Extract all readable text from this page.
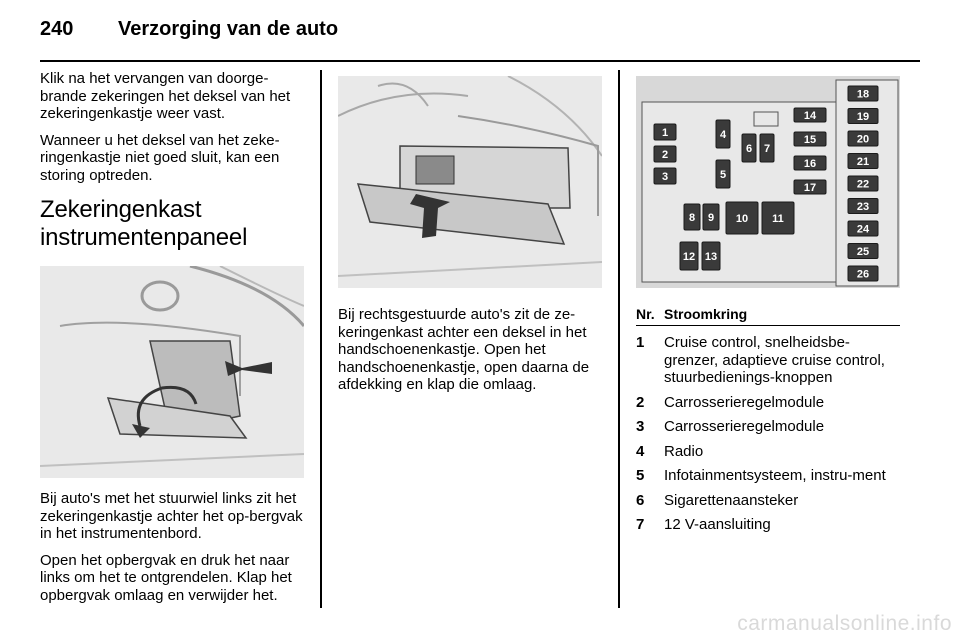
240	Verzorging van de auto

Klik na het vervangen van doorge-brande zekeringen het deksel van het zekeringenkastje weer vast.

Wanneer u het deksel van het zeke-ringenkastje niet goed sluit, kan een storing optreden.

Zekeringenkast
instrumentenpaneel

Bij auto's met het stuurwiel links zit het zekeringenkastje achter het op-bergvak in het instrumentenbord.

Open het opbergvak en druk het naar links om het te ontgrendelen. Klap het opbergvak omlaag en verwijder het.

Bij rechtsgestuurde auto's zit de ze-keringenkast achter een deksel in het handschoenenkastje. Open het handschoenenkastje, open daarna de afdekking en klap die omlaag.

1
2
3
4
5
6 7
8 9 10 11
12 13
14
15
16
17
18
19
20
21
22
23
24
25
26
Nr. Stroomkring
1	Cruise control, snelheidsbe-grenzer, adaptieve cruise control, stuurbedienings-knoppen
2	Carrosserieregelmodule
3	Carrosserieregelmodule
4	Radio
5	Infotainmentsysteem, instru-ment
6	Sigarettenaansteker
7	12 V-aansluiting
carmanualsonline.info
